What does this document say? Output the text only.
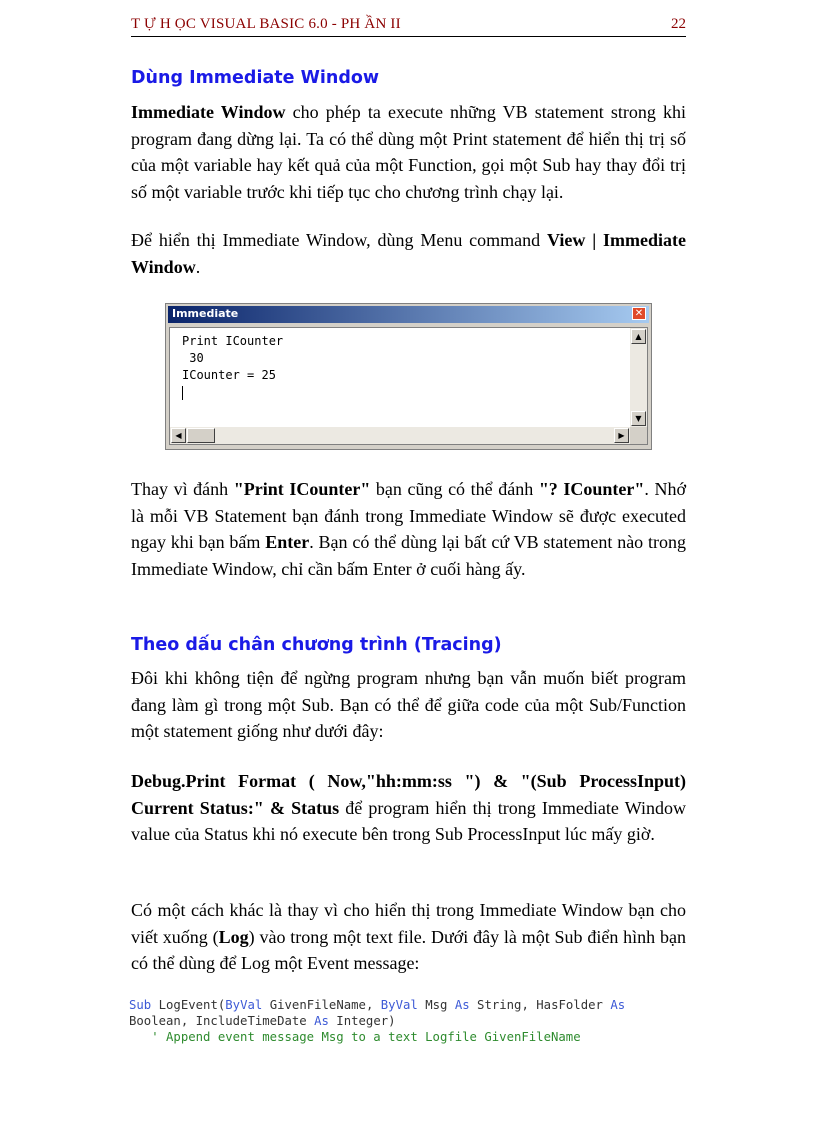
T Ự H ỌC VISUAL BASIC 6.0 - PH ẦN II	22
Dùng Immediate Window

Immediate Window cho phép ta execute những VB statement strong khi program đang dừng lại. Ta có thể dùng một Print statement để hiển thị trị số của một variable hay kết quả của một Function, gọi một Sub hay thay đổi trị số một variable trước khi tiếp tục cho chương trình chạy lại.

Để hiển thị Immediate Window, dùng Menu command View | Immediate Window.

Immediate	✕
Print ICounter
30
ICounter = 25
▲
▼
◀	▶

Thay vì đánh "Print ICounter" bạn cũng có thể đánh "? ICounter". Nhớ là mỗi VB Statement bạn đánh trong Immediate Window sẽ được executed ngay khi bạn bấm Enter. Bạn có thể dùng lại bất cứ VB statement nào trong Immediate Window, chỉ cần bấm Enter ở cuối hàng ấy.

Theo dấu chân chương trình (Tracing)

Đôi khi không tiện để ngừng program nhưng bạn vẫn muốn biết program đang làm gì trong một Sub. Bạn có thể để giữa code của một Sub/Function một statement giống như dưới đây:

Debug.Print Format ( Now,"hh:mm:ss ") & "(Sub ProcessInput) Current Status:" & Status để program hiển thị trong Immediate Window value của Status khi nó execute bên trong Sub ProcessInput lúc mấy giờ.

Có một cách khác là thay vì cho hiển thị trong Immediate Window bạn cho viết xuống (Log) vào trong một text file. Dưới đây là một Sub điển hình bạn có thể dùng để Log một Event message:

Sub LogEvent(ByVal GivenFileName, ByVal Msg As String, HasFolder As
Boolean, IncludeTimeDate As Integer)
' Append event message Msg to a text Logfile GivenFileName
